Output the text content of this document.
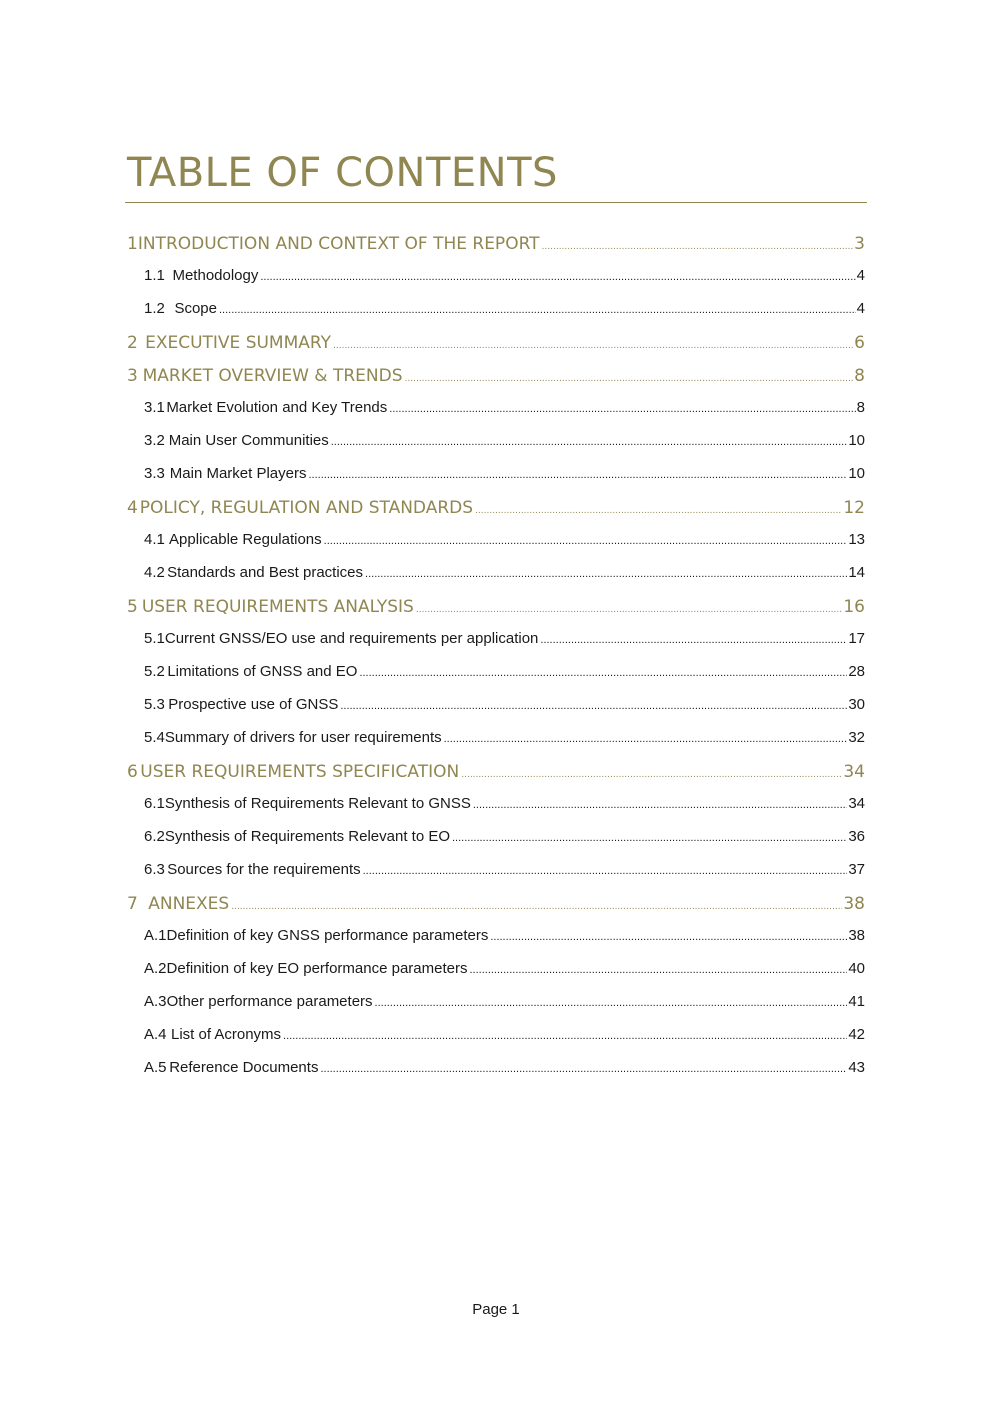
TABLE OF CONTENTS
1 INTRODUCTION AND CONTEXT OF THE REPORT .....	3
1.1 Methodology .....	4
1.2 Scope .....	4
2 EXECUTIVE SUMMARY .....	6
3 MARKET OVERVIEW & TRENDS .....	8
3.1 Market Evolution and Key Trends .....	8
3.2 Main User Communities .....	10
3.3 Main Market Players .....	10
4 POLICY, REGULATION AND STANDARDS .....	12
4.1 Applicable Regulations .....	13
4.2 Standards and Best practices .....	14
5 USER REQUIREMENTS ANALYSIS .....	16
5.1 Current GNSS/EO use and requirements per application .....	17
5.2 Limitations of GNSS and EO .....	28
5.3 Prospective use of GNSS .....	30
5.4 Summary of drivers for user requirements .....	32
6 USER REQUIREMENTS SPECIFICATION .....	34
6.1 Synthesis of Requirements Relevant to GNSS .....	34
6.2 Synthesis of Requirements Relevant to EO .....	36
6.3 Sources for the requirements .....	37
7 ANNEXES .....	38
A.1 Definition of key GNSS performance parameters .....	38
A.2 Definition of key EO performance parameters .....	40
A.3 Other performance parameters .....	41
A.4 List of Acronyms .....	42
A.5 Reference Documents .....	43
Page 1
